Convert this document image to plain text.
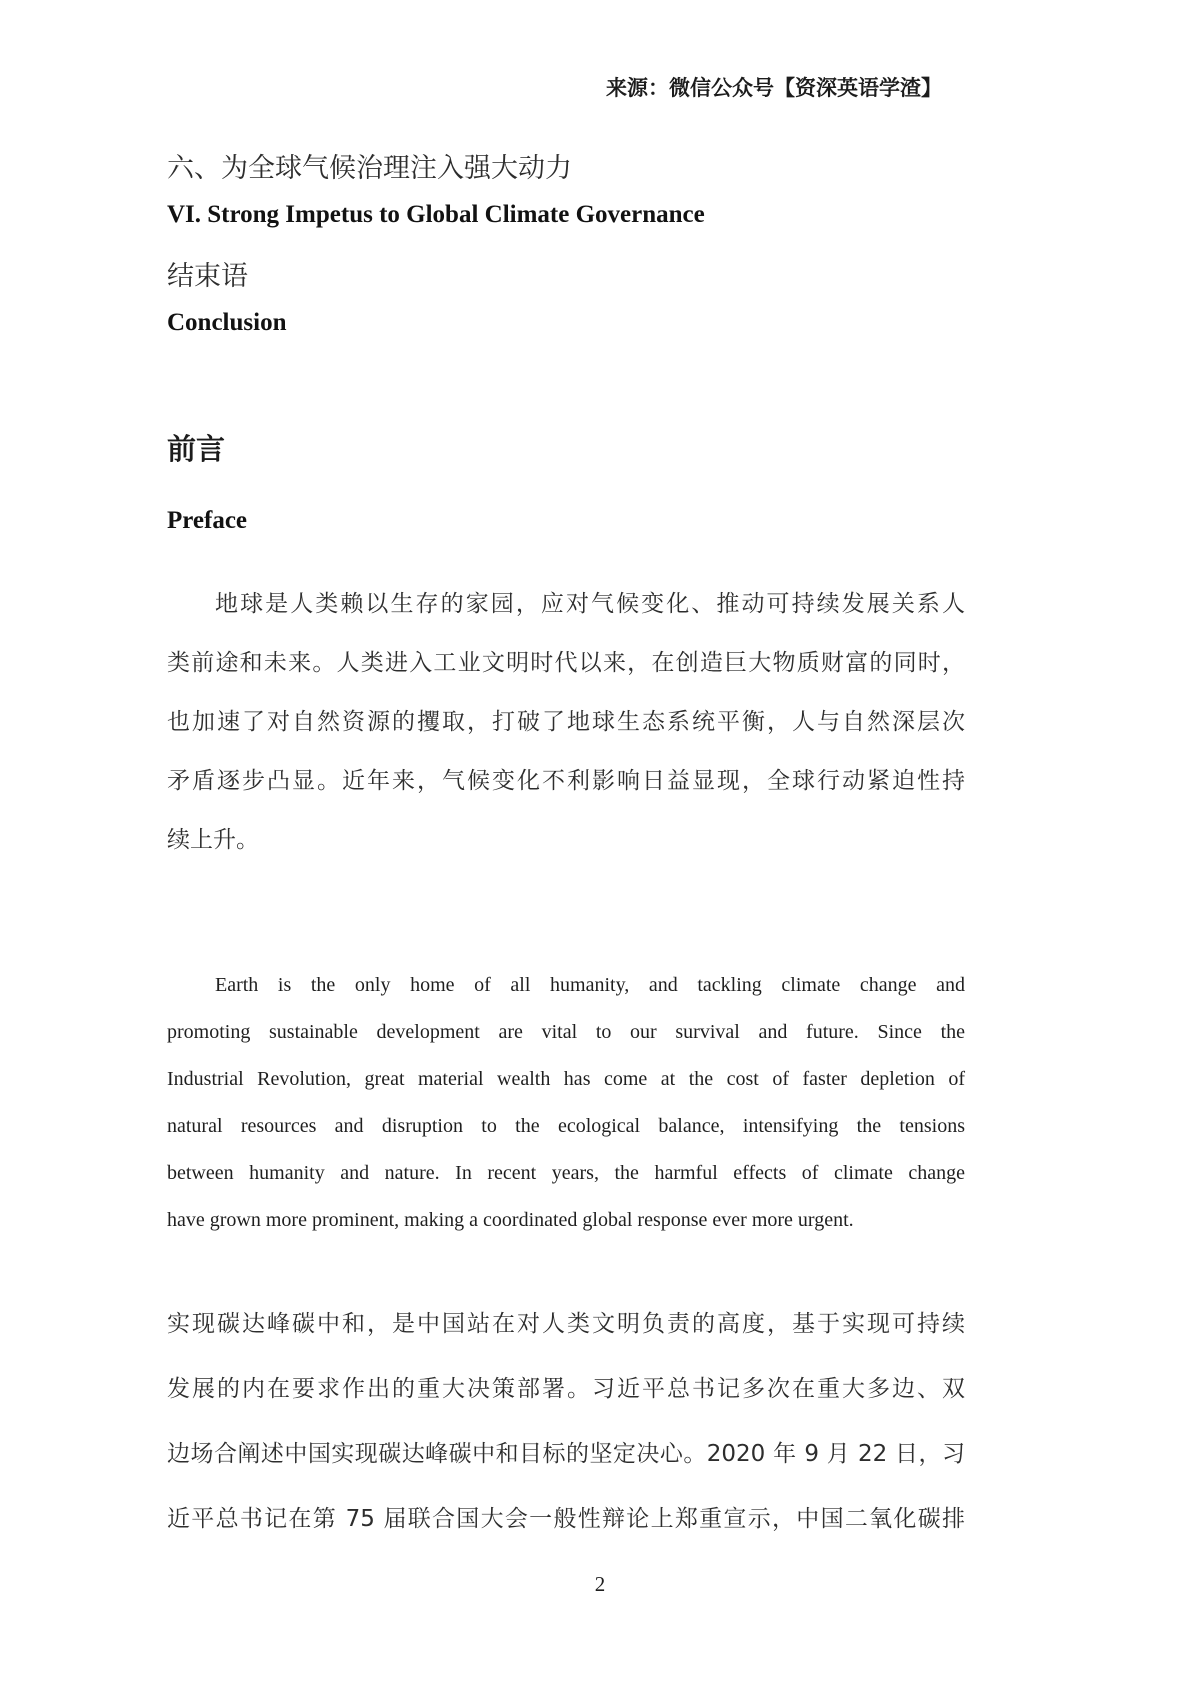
来源：微信公众号【资深英语学渣】
六、为全球气候治理注入强大动力
VI. Strong Impetus to Global Climate Governance
结束语
Conclusion
前言
Preface
地球是人类赖以生存的家园，应对气候变化、推动可持续发展关系人
类前途和未来。人类进入工业文明时代以来，在创造巨大物质财富的同时，
也加速了对自然资源的攫取，打破了地球生态系统平衡，人与自然深层次
矛盾逐步凸显。近年来，气候变化不利影响日益显现，全球行动紧迫性持
续上升。
Earth is the only home of all humanity, and tackling climate change and
promoting sustainable development are vital to our survival and future. Since the
Industrial Revolution, great material wealth has come at the cost of faster depletion of
natural resources and disruption to the ecological balance, intensifying the tensions
between humanity and nature. In recent years, the harmful effects of climate change
have grown more prominent, making a coordinated global response ever more urgent.
实现碳达峰碳中和，是中国站在对人类文明负责的高度，基于实现可持续
发展的内在要求作出的重大决策部署。习近平总书记多次在重大多边、双
边场合阐述中国实现碳达峰碳中和目标的坚定决心。2020 年 9 月 22 日，习
近平总书记在第 75 届联合国大会一般性辩论上郑重宣示，中国二氧化碳排
2
